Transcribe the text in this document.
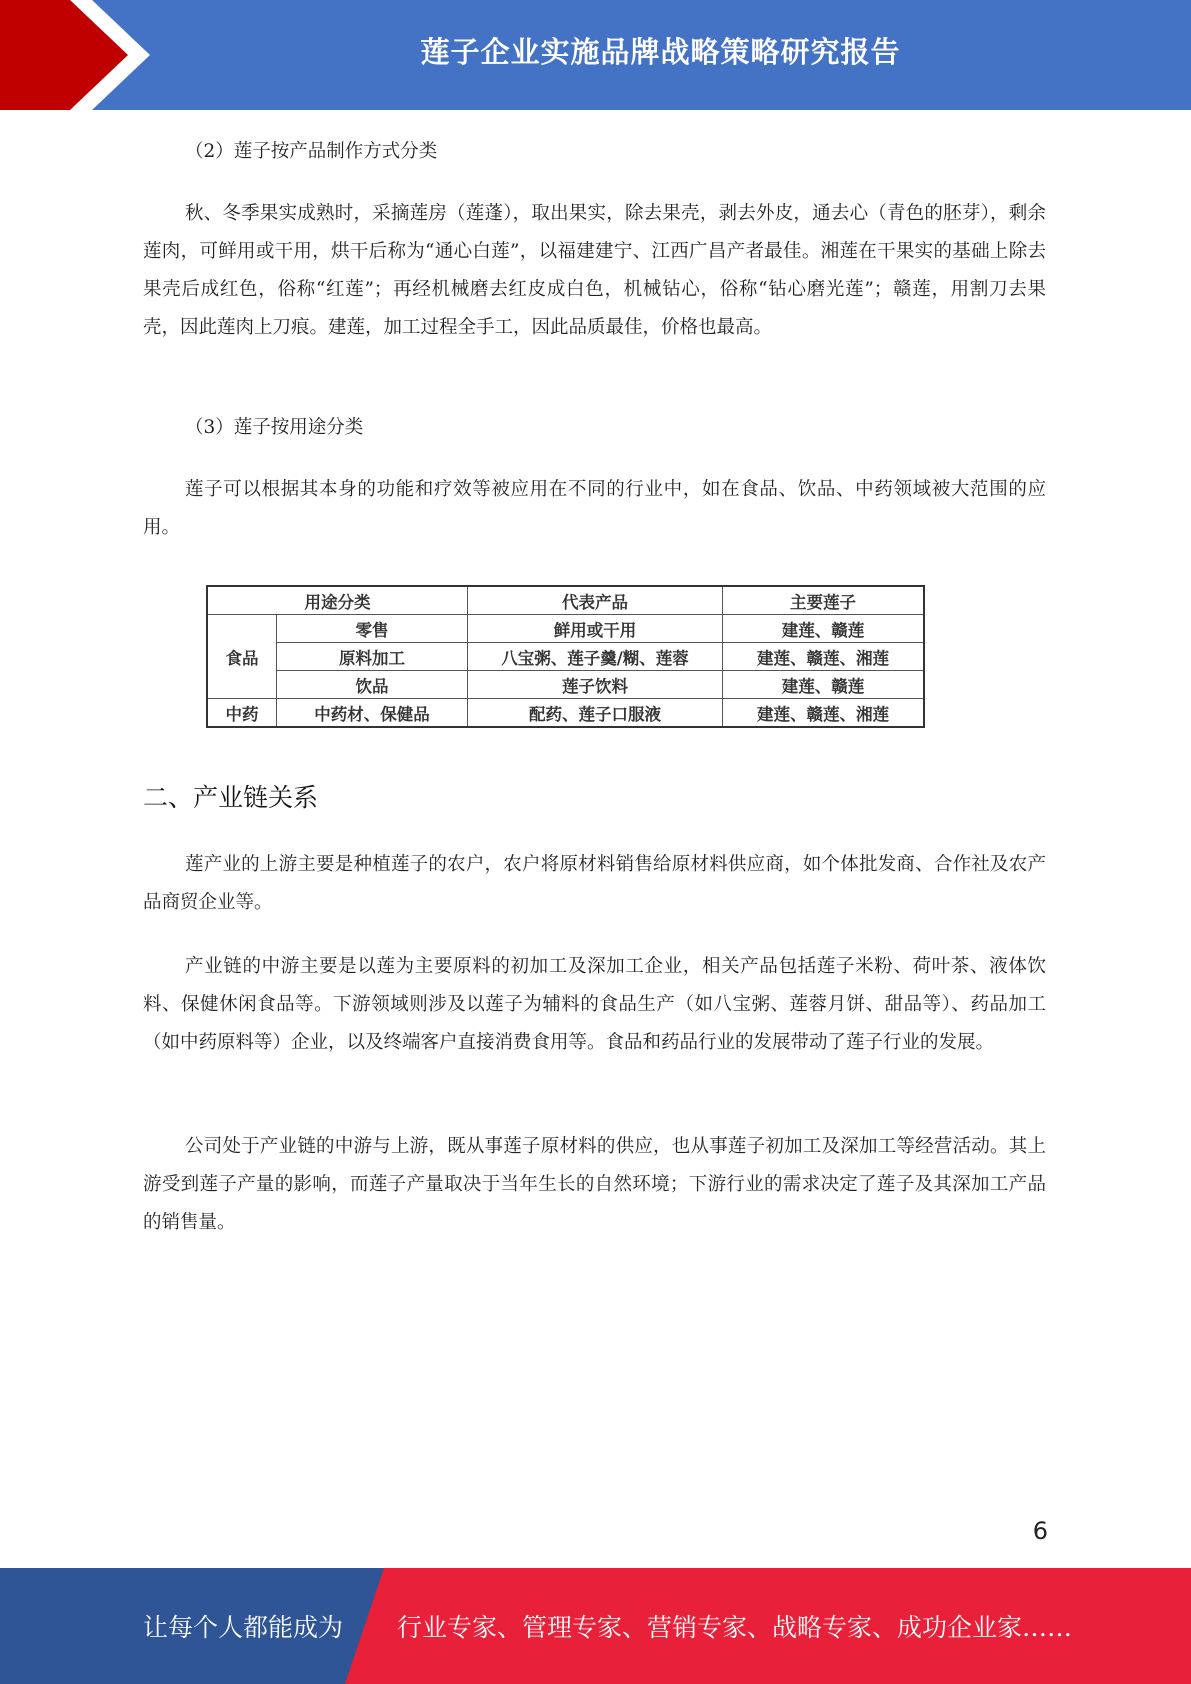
莲子企业实施品牌战略策略研究报告

（2）莲子按产品制作方式分类

秋、冬季果实成熟时，采摘莲房（莲蓬），取出果实，除去果壳，剥去外皮，通去心（青色的胚芽），剩余莲肉，可鲜用或干用，烘干后称为“通心白莲”，以福建建宁、江西广昌产者最佳。湘莲在干果实的基础上除去果壳后成红色，俗称“红莲”；再经机械磨去红皮成白色，机械钻心，俗称“钻心磨光莲”；赣莲，用割刀去果壳，因此莲肉上刀痕。建莲，加工过程全手工，因此品质最佳，价格也最高。

（3）莲子按用途分类

莲子可以根据其本身的功能和疗效等被应用在不同的行业中，如在食品、饮品、中药领域被大范围的应用。

二、产业链关系

莲产业的上游主要是种植莲子的农户，农户将原材料销售给原材料供应商，如个体批发商、合作社及农产品商贸企业等。

产业链的中游主要是以莲为主要原料的初加工及深加工企业，相关产品包括莲子米粉、荷叶茶、液体饮料、保健休闲食品等。下游领域则涉及以莲子为辅料的食品生产（如八宝粥、莲蓉月饼、甜品等）、药品加工（如中药原料等）企业，以及终端客户直接消费食用等。食品和药品行业的发展带动了莲子行业的发展。

公司处于产业链的中游与上游，既从事莲子原材料的供应，也从事莲子初加工及深加工等经营活动。其上游受到莲子产量的影响，而莲子产量取决于当年生长的自然环境；下游行业的需求决定了莲子及其深加工产品的销售量。

用途分类		代表产品	主要莲子
食品	零售	鲜用或干用	建莲、赣莲
	原料加工	八宝粥、莲子羹/糊、莲蓉	建莲、赣莲、湘莲
	饮品	莲子饮料	建莲、赣莲
中药	中药材、保健品	配药、莲子口服液	建莲、赣莲、湘莲
6
让每个人都能成为 行业专家、管理专家、营销专家、战略专家、成功企业家……
